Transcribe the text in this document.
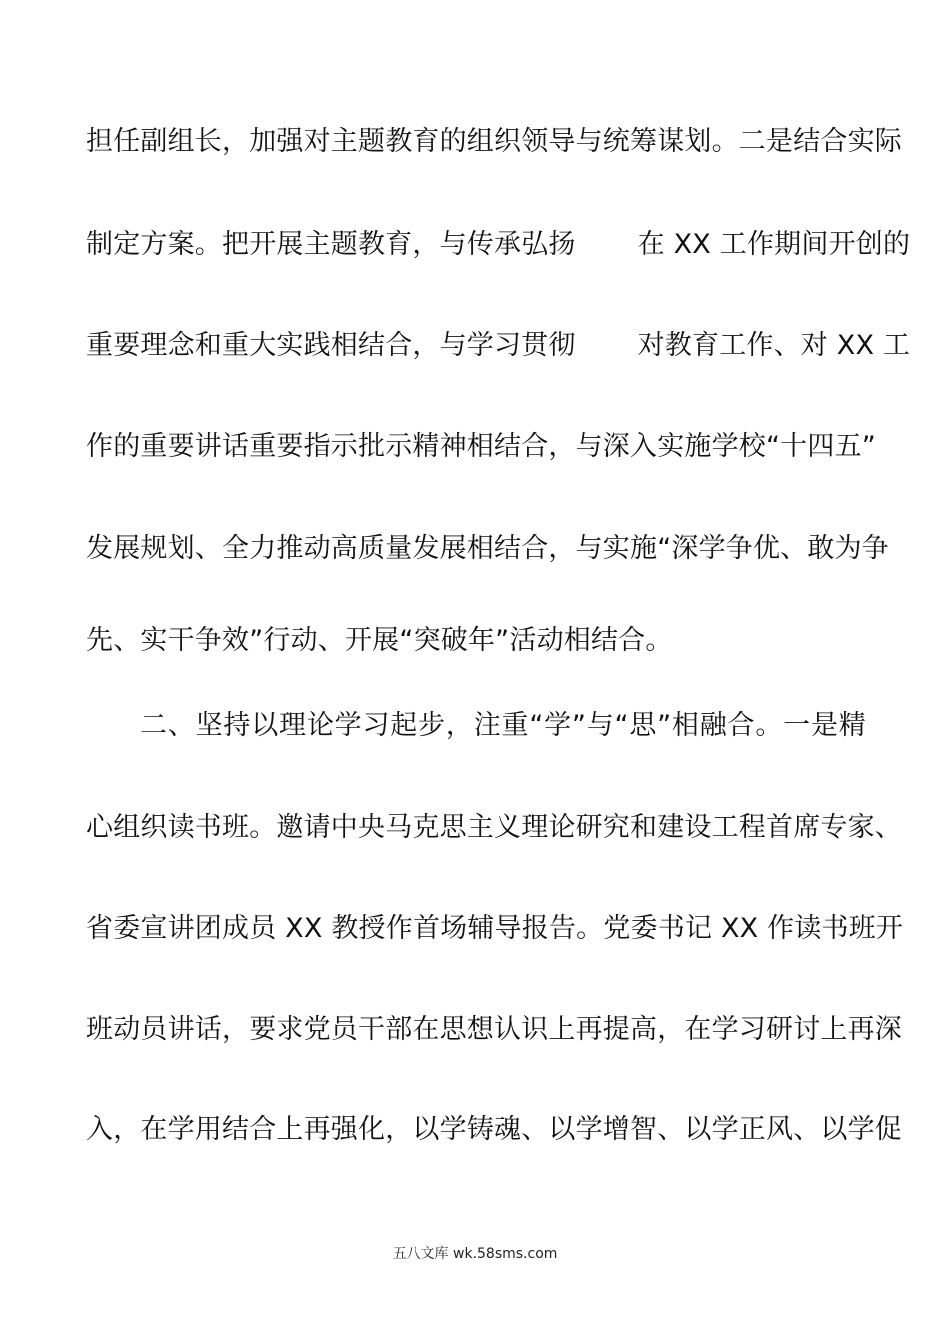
担任副组长，加强对主题教育的组织领导与统筹谋划。二是结合实际
制定方案。把开展主题教育，与传承弘扬 在 XX 工作期间开创的
重要理念和重大实践相结合，与学习贯彻 对教育工作、对 XX 工
作的重要讲话重要指示批示精神相结合，与深入实施学校“十四五”
发展规划、全力推动高质量发展相结合，与实施“深学争优、敢为争
先、实干争效”行动、开展“突破年”活动相结合。
二、坚持以理论学习起步，注重“学”与“思”相融合。一是精
心组织读书班。邀请中央马克思主义理论研究和建设工程首席专家、
省委宣讲团成员 XX 教授作首场辅导报告。党委书记 XX 作读书班开
班动员讲话，要求党员干部在思想认识上再提高，在学习研讨上再深
入，在学用结合上再强化，以学铸魂、以学增智、以学正风、以学促
五八文库 wk.58sms.com
